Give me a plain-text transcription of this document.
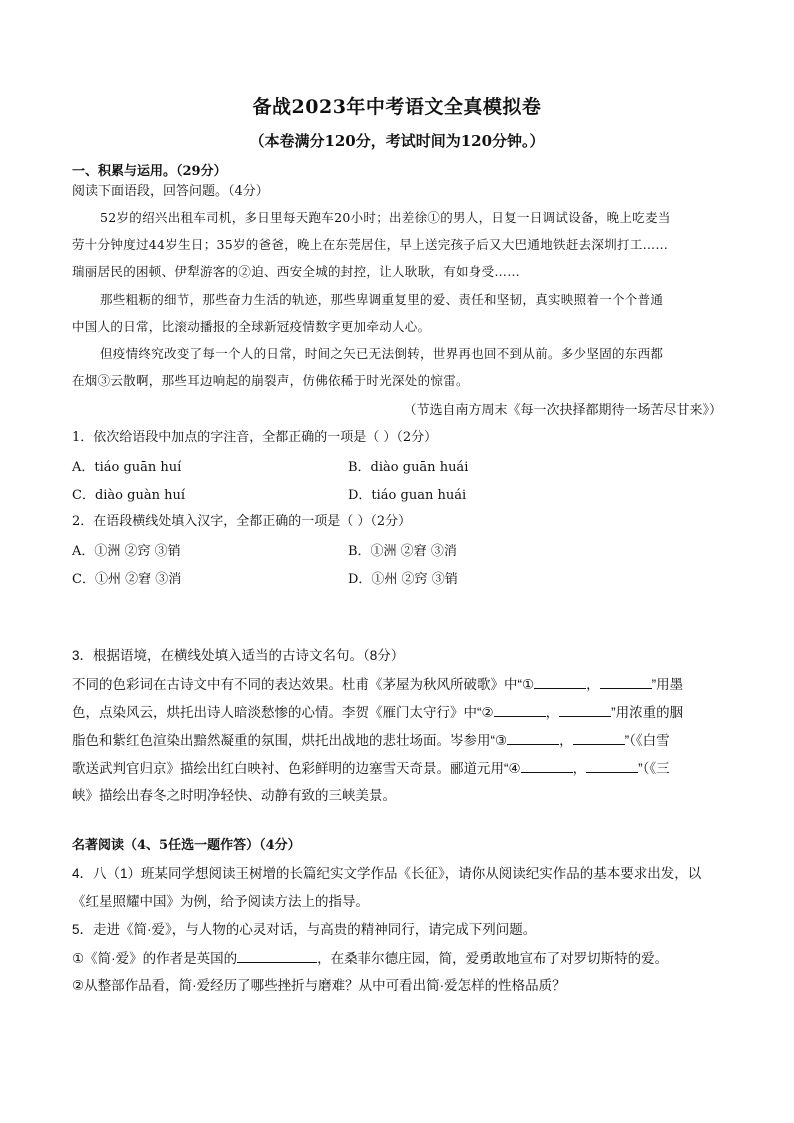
备战2023年中考语文全真模拟卷
（本卷满分120分，考试时间为120分钟。）
一、积累与运用。（29分）
阅读下面语段，回答问题。（4分）
52岁的绍兴出租车司机，多日里每天跑车20小时；出差徐①的男人，日复一日调试设备，晚上吃麦当
劳十分钟度过44岁生日；35岁的爸爸，晚上在东莞居住，早上送完孩子后又大巴通地铁赶去深圳打工……
瑞丽居民的困顿、伊犁游客的②迫、西安全城的封控，让人耿耿，有如身受……
那些粗粝的细节，那些奋力生活的轨迹，那些卑调重复里的爱、责任和坚韧，真实映照着一个个普通
中国人的日常，比滚动播报的全球新冠疫情数字更加牵动人心。
但疫情终究改变了每一个人的日常，时间之矢已无法倒转，世界再也回不到从前。多少坚固的东西都
在烟③云散啊，那些耳边响起的崩裂声，仿佛依稀于时光深处的惊雷。
（节选自南方周末《每一次抉择都期待一场苦尽甘来》）
1．依次给语段中加点的字注音，全都正确的一项是（ ）（2分）
A．tiáo guān huí	B．diào guān huái
C．diào guàn huí	D．tiáo guan huái
2．在语段横线处填入汉字，全都正确的一项是（ ）（2分）
A．①洲 ②窍 ③销	B．①洲 ②窘 ③消
C．①州 ②窘 ③消	D．①州 ②窍 ③销
3．根据语境，在横线处填入适当的古诗文名句。（8分）
不同的色彩词在古诗文中有不同的表达效果。杜甫《茅屋为秋风所破歌》中“①	，	”用墨
色，点染风云，烘托出诗人暗淡愁惨的心情。李贺《雁门太守行》中“②	，	”用浓重的胭
脂色和紫红色渲染出黯然凝重的氛围，烘托出战地的悲壮场面。岑参用“③	，	”（《白雪
歌送武判官归京》描绘出红白映衬、色彩鲜明的边塞雪天奇景。郦道元用“④	，	”（《三
峡》描绘出春冬之时明净轻快、动静有致的三峡美景。
名著阅读（4、5任选一题作答）（4分）
4．八（1）班某同学想阅读王树增的长篇纪实文学作品《长征》，请你从阅读纪实作品的基本要求出发，以
《红星照耀中国》为例，给予阅读方法上的指导。
5．走进《简·爱》，与人物的心灵对话，与高贵的精神同行，请完成下列问题。
①《简·爱》的作者是英国的	，在桑菲尔德庄园，简，爱勇敢地宣布了对罗切斯特的爱。
②从整部作品看，简·爱经历了哪些挫折与磨难？从中可看出简·爱怎样的性格品质？
